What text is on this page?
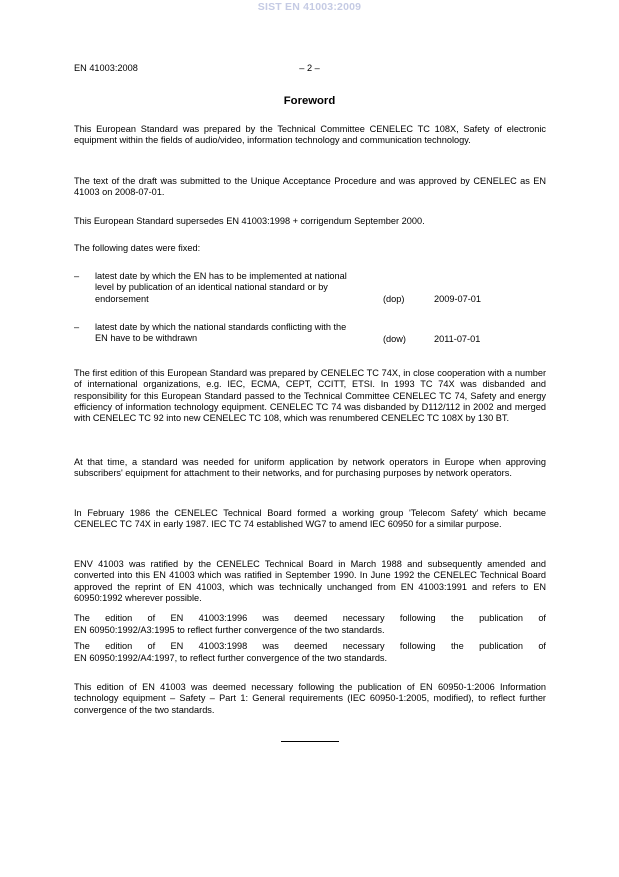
SIST EN 41003:2009
EN 41003:2008	– 2 –
Foreword

This European Standard was prepared by the Technical Committee CENELEC TC 108X, Safety of electronic equipment within the fields of audio/video, information technology and communication technology.

The text of the draft was submitted to the Unique Acceptance Procedure and was approved by CENELEC as EN 41003 on 2008-07-01.

This European Standard supersedes EN 41003:1998 + corrigendum September 2000.

The following dates were fixed:

– latest date by which the EN has to be implemented at national level by publication of an identical national standard or by endorsement	(dop)	2009-07-01
– latest date by which the national standards conflicting with the EN have to be withdrawn	(dow)	2011-07-01

The first edition of this European Standard was prepared by CENELEC TC 74X, in close cooperation with a number of international organizations, e.g. IEC, ECMA, CEPT, CCITT, ETSI. In 1993 TC 74X was disbanded and responsibility for this European Standard passed to the Technical Committee CENELEC TC 74, Safety and energy efficiency of information technology equipment. CENELEC TC 74 was disbanded by D112/112 in 2002 and merged with CENELEC TC 92 into new CENELEC TC 108, which was renumbered CENELEC TC 108X by 130 BT.

At that time, a standard was needed for uniform application by network operators in Europe when approving subscribers' equipment for attachment to their networks, and for purchasing purposes by network operators.

In February 1986 the CENELEC Technical Board formed a working group 'Telecom Safety' which became CENELEC TC 74X in early 1987. IEC TC 74 established WG7 to amend IEC 60950 for a similar purpose.

ENV 41003 was ratified by the CENELEC Technical Board in March 1988 and subsequently amended and converted into this EN 41003 which was ratified in September 1990. In June 1992 the CENELEC Technical Board approved the reprint of EN 41003, which was technically unchanged from EN 41003:1991 and refers to EN 60950:1992 wherever possible.

The edition of EN 41003:1996 was deemed necessary following the publication of

EN 60950:1992/A3:1995 to reflect further convergence of the two standards.

The edition of EN 41003:1998 was deemed necessary following the publication of

EN 60950:1992/A4:1997, to reflect further convergence of the two standards.

This edition of EN 41003 was deemed necessary following the publication of EN 60950-1:2006 Information technology equipment – Safety – Part 1: General requirements (IEC 60950-1:2005, modified), to reflect further convergence of the two standards.
